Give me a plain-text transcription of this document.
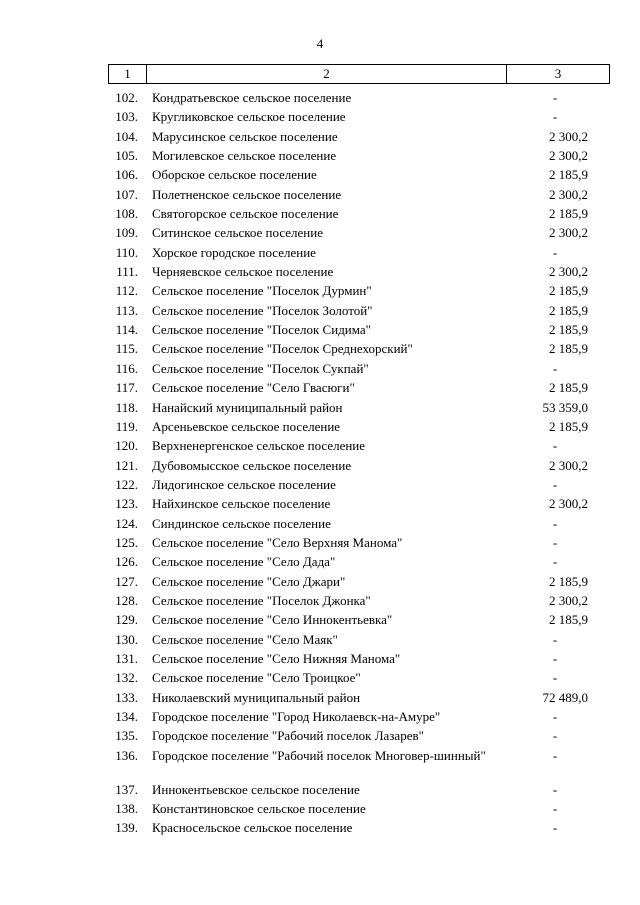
4
1	2	3
102. Кондратьевское сельское поселение	-
103. Кругликовское сельское поселение	-
104. Марусинское сельское поселение	2 300,2
105. Могилевское сельское поселение	2 300,2
106. Оборское сельское поселение	2 185,9
107. Полетненское сельское поселение	2 300,2
108. Святогорское сельское поселение	2 185,9
109. Ситинское сельское поселение	2 300,2
110. Хорское городское поселение	-
111. Черняевское сельское поселение	2 300,2
112. Сельское поселение "Поселок Дурмин"	2 185,9
113. Сельское поселение "Поселок Золотой"	2 185,9
114. Сельское поселение "Поселок Сидима"	2 185,9
115. Сельское поселение "Поселок Среднехорский"	2 185,9
116. Сельское поселение "Поселок Сукпай"	-
117. Сельское поселение "Село Гвасюги"	2 185,9
118. Нанайский муниципальный район	53 359,0
119. Арсеньевское сельское поселение	2 185,9
120. Верхненергенское сельское поселение	-
121. Дубовомысское сельское поселение	2 300,2
122. Лидогинское сельское поселение	-
123. Найхинское сельское поселение	2 300,2
124. Синдинское сельское поселение	-
125. Сельское поселение "Село Верхняя Манома"	-
126. Сельское поселение "Село Дада"	-
127. Сельское поселение "Село Джари"	2 185,9
128. Сельское поселение "Поселок Джонка"	2 300,2
129. Сельское поселение "Село Иннокентьевка"	2 185,9
130. Сельское поселение "Село Маяк"	-
131. Сельское поселение "Село Нижняя Манома"	-
132. Сельское поселение "Село Троицкое"	-
133. Николаевский муниципальный район	72 489,0
134. Городское поселение "Город Николаевск-на-Амуре"	-
135. Городское поселение "Рабочий поселок Лазарев"	-
136. Городское поселение "Рабочий поселок Многовер-шинный"	-
137. Иннокентьевское сельское поселение	-
138. Константиновское сельское поселение	-
139. Красносельское сельское поселение	-
